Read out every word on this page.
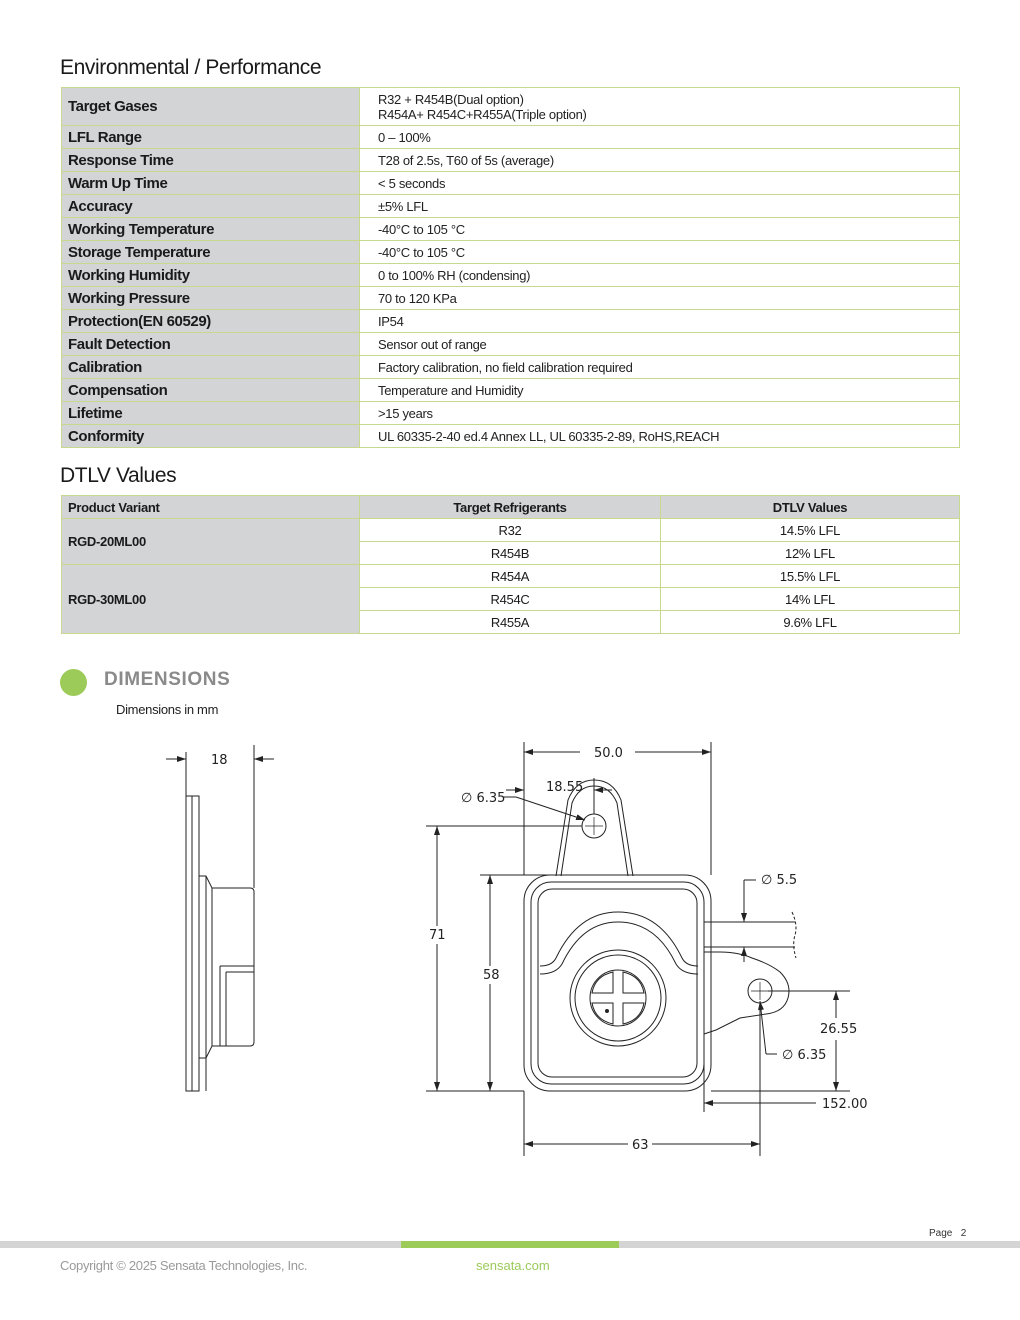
Environmental / Performance
Target Gases	R32 + R454B(Dual option)
R454A+ R454C+R455A(Triple option)

LFL Range	0 – 100%

Response Time	T28 of 2.5s, T60 of 5s (average)

Warm Up Time	< 5 seconds

Accuracy	±5% LFL

Working Temperature	-40°C to 105 °C

Storage Temperature	-40°C to 105 °C

Working Humidity	0 to 100% RH (condensing)

Working Pressure	70 to 120 KPa

Protection(EN 60529)	IP54

Fault Detection	Sensor out of range

Calibration	Factory calibration, no field calibration required

Compensation	Temperature and Humidity

Lifetime	>15 years

Conformity	UL 60335-2-40 ed.4 Annex LL, UL 60335-2-89, RoHS,REACH
DTLV Values
Product Variant	Target Refrigerants	DTLV Values
RGD-20ML00	R32	14.5% LFL
	R454B	12% LFL
RGD-30ML00	R454A	15.5% LFL
	R454C	14% LFL
	R455A	9.6% LFL
DIMENSIONS
Dimensions in mm
18	50.0
18.55
∅ 6.35
71
58
∅ 5.5
26.55
∅ 6.35
152.00
63
Page 2
Copyright © 2025 Sensata Technologies, Inc.	sensata.com
